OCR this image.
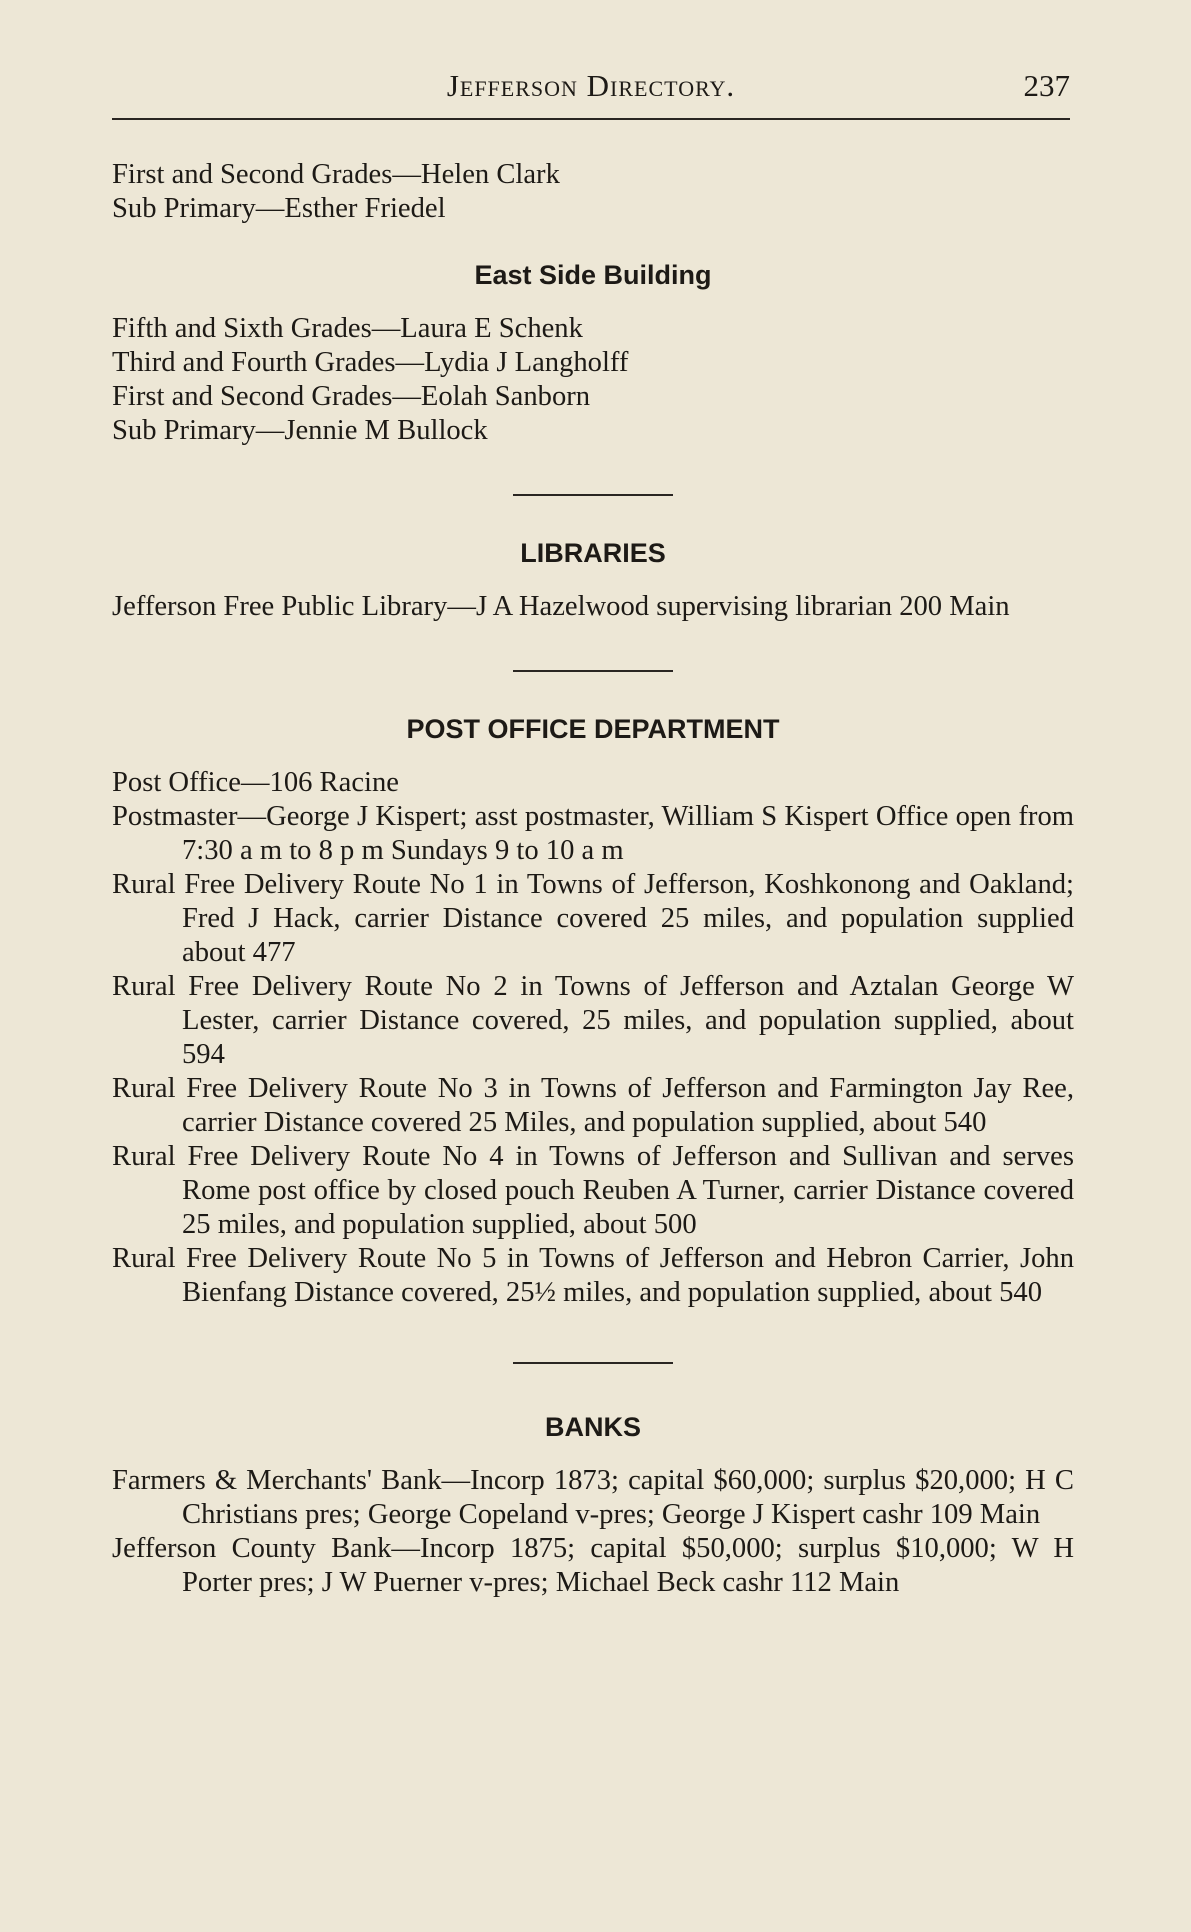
Jefferson Directory.	237
First and Second Grades—Helen Clark
Sub Primary—Esther Friedel
East Side Building
Fifth and Sixth Grades—Laura E Schenk
Third and Fourth Grades—Lydia J Langholff
First and Second Grades—Eolah Sanborn
Sub Primary—Jennie M Bullock
LIBRARIES
Jefferson Free Public Library—J A Hazelwood supervising librarian 200 Main
POST OFFICE DEPARTMENT
Post Office—106 Racine
Postmaster—George J Kispert; asst postmaster, William S Kispert Office open from 7:30 a m to 8 p m Sundays 9 to 10 a m
Rural Free Delivery Route No 1 in Towns of Jefferson, Koshkonong and Oakland; Fred J Hack, carrier Distance covered 25 miles, and population supplied about 477
Rural Free Delivery Route No 2 in Towns of Jefferson and Aztalan George W Lester, carrier Distance covered, 25 miles, and population supplied, about 594
Rural Free Delivery Route No 3 in Towns of Jefferson and Farmington Jay Ree, carrier Distance covered 25 Miles, and population supplied, about 540
Rural Free Delivery Route No 4 in Towns of Jefferson and Sullivan and serves Rome post office by closed pouch Reuben A Turner, carrier Distance covered 25 miles, and population supplied, about 500
Rural Free Delivery Route No 5 in Towns of Jefferson and Hebron Carrier, John Bienfang Distance covered, 25½ miles, and population supplied, about 540
BANKS
Farmers & Merchants' Bank—Incorp 1873; capital $60,000; surplus $20,000; H C Christians pres; George Copeland v-pres; George J Kispert cashr 109 Main
Jefferson County Bank—Incorp 1875; capital $50,000; surplus $10,000; W H Porter pres; J W Puerner v-pres; Michael Beck cashr 112 Main
